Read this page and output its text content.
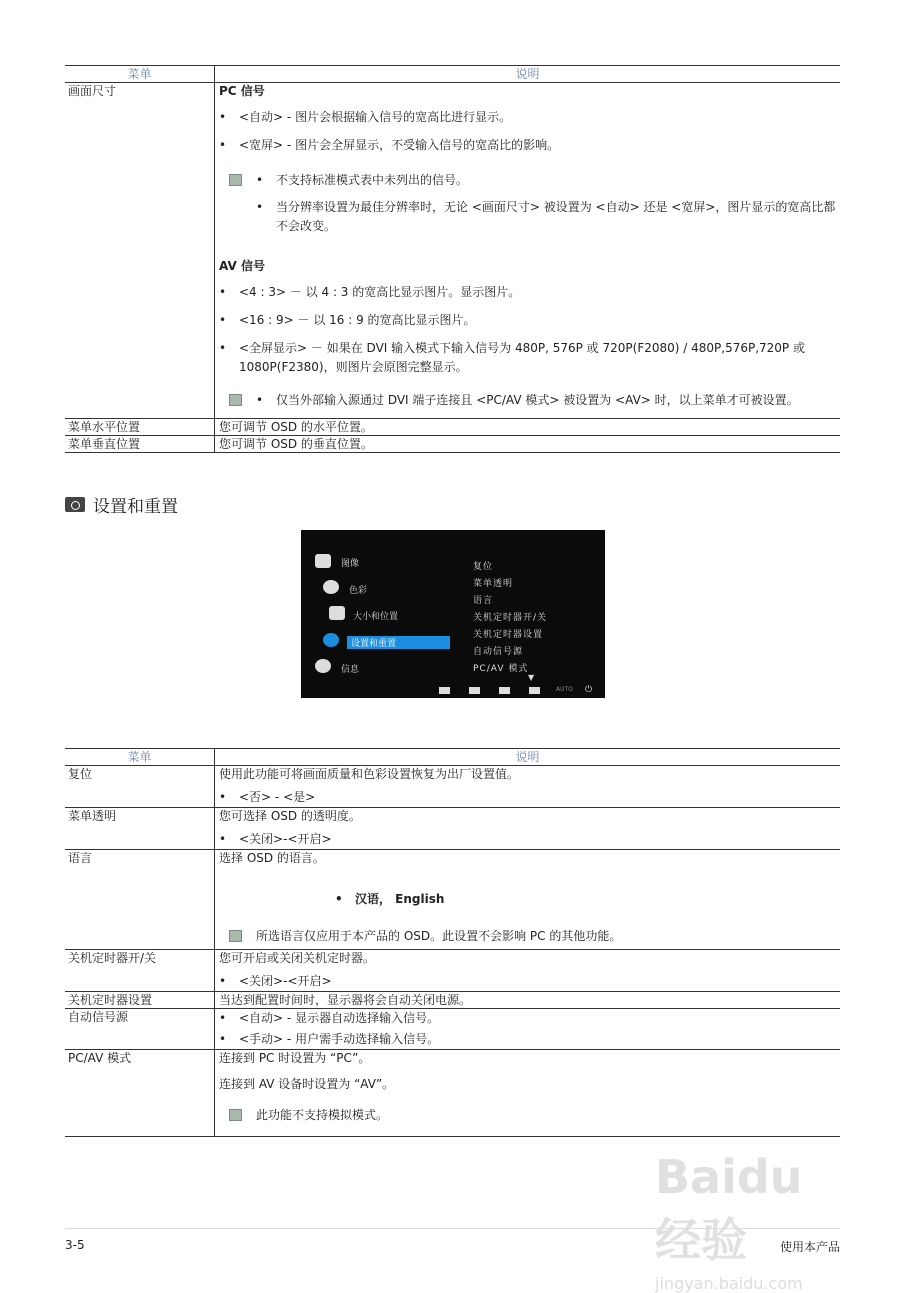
菜单	说明
画面尺寸	PC 信号
• <自动> - 图片会根据输入信号的宽高比进行显示。
• <宽屏> - 图片会全屏显示，不受输入信号的宽高比的影响。
• 不支持标准模式表中未列出的信号。
• 当分辨率设置为最佳分辨率时，无论 <画面尺寸> 被设置为 <自动> 还是 <宽屏>，图片显示的宽高比都不会改变。
AV 信号
• <4 : 3> － 以 4 : 3 的宽高比显示图片。显示图片。
• <16 : 9> － 以 16 : 9 的宽高比显示图片。
• <全屏显示> － 如果在 DVI 输入模式下输入信号为 480P, 576P 或 720P(F2080) / 480P,576P,720P 或1080P(F2380)，则图片会原图完整显示。
• 仅当外部输入源通过 DVI 端子连接且 <PC/AV 模式> 被设置为 <AV> 时，以上菜单才可被设置。
菜单水平位置	您可调节 OSD 的水平位置。
菜单垂直位置	您可调节 OSD 的垂直位置。
设置和重置
图像
色彩
大小和位置
设置和重置
信息
复位
菜单透明
语言
关机定时器开/关
关机定时器设置
自动信号源
PC/AV 模式
▼
AUTO ⏻
菜单	说明
复位	使用此功能可将画面质量和色彩设置恢复为出厂设置值。
• <否> - <是>
菜单透明	您可选择 OSD 的透明度。
• <关闭>-<开启>
语言	选择 OSD 的语言。
• 汉语， English
所选语言仅应用于本产品的 OSD。此设置不会影响 PC 的其他功能。
关机定时器开/关	您可开启或关闭关机定时器。
• <关闭>-<开启>
关机定时器设置	当达到配置时间时，显示器将会自动关闭电源。
自动信号源
•	<自动> - 显示器自动选择输入信号。
• <手动> - 用户需手动选择输入信号。
PC/AV 模式	连接到 PC 时设置为 “PC”。
连接到 AV 设备时设置为 “AV”。
此功能不支持模拟模式。
Baidu 经验
jingyan.baidu.com
3-5	使用本产品
